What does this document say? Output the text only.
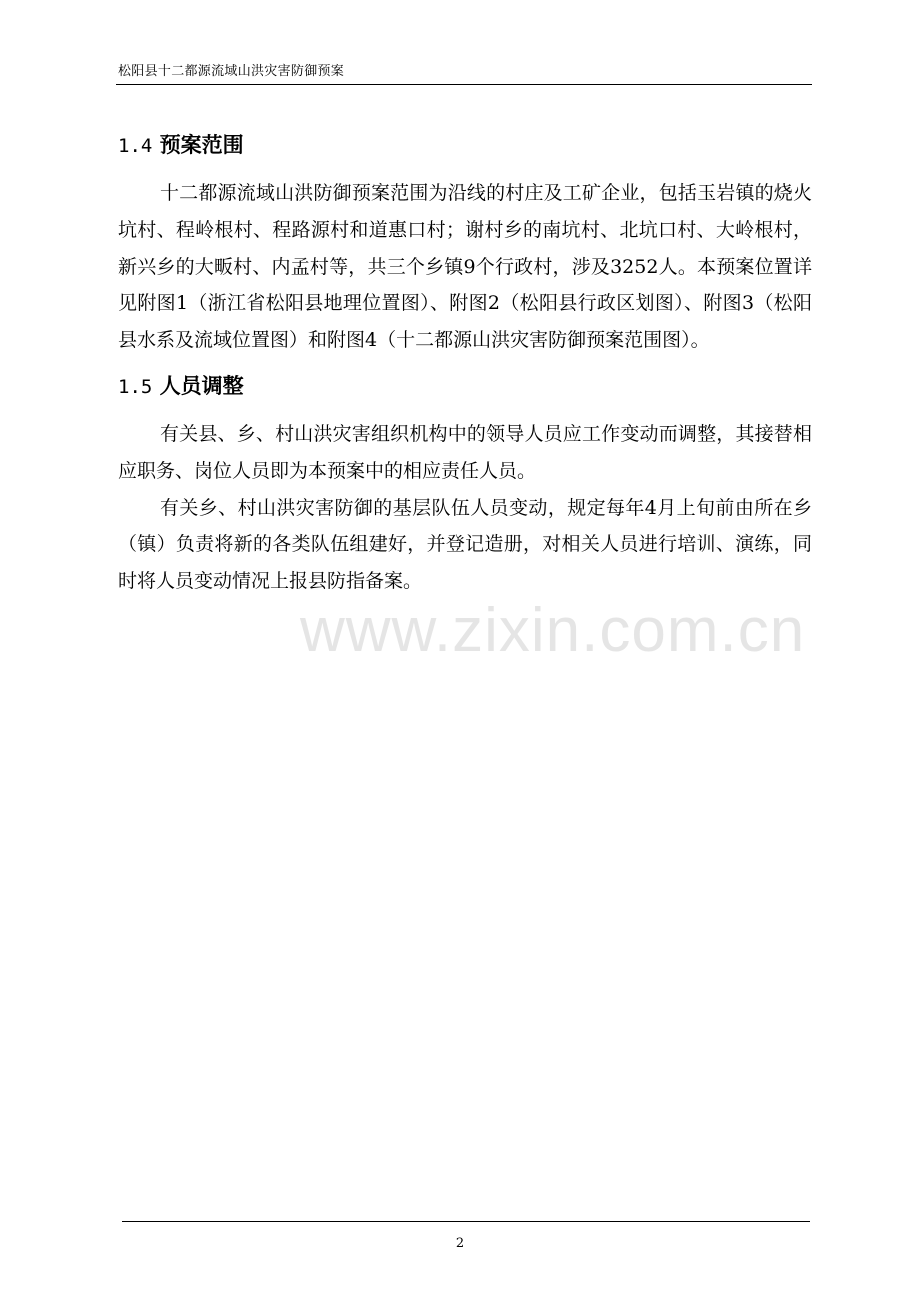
松阳县十二都源流域山洪灾害防御预案
1.4 预案范围

十二都源流域山洪防御预案范围为沿线的村庄及工矿企业，包括玉岩镇的烧火坑村、程岭根村、程路源村和道惠口村；谢村乡的南坑村、北坑口村、大岭根村，新兴乡的大畈村、内孟村等，共三个乡镇9个行政村，涉及3252人。本预案位置详见附图1（浙江省松阳县地理位置图）、附图2（松阳县行政区划图）、附图3（松阳县水系及流域位置图）和附图4（十二都源山洪灾害防御预案范围图）。

1.5 人员调整

有关县、乡、村山洪灾害组织机构中的领导人员应工作变动而调整，其接替相应职务、岗位人员即为本预案中的相应责任人员。

有关乡、村山洪灾害防御的基层队伍人员变动，规定每年4月上旬前由所在乡（镇）负责将新的各类队伍组建好，并登记造册，对相关人员进行培训、演练，同时将人员变动情况上报县防指备案。

www.zixin.com.cn
2
